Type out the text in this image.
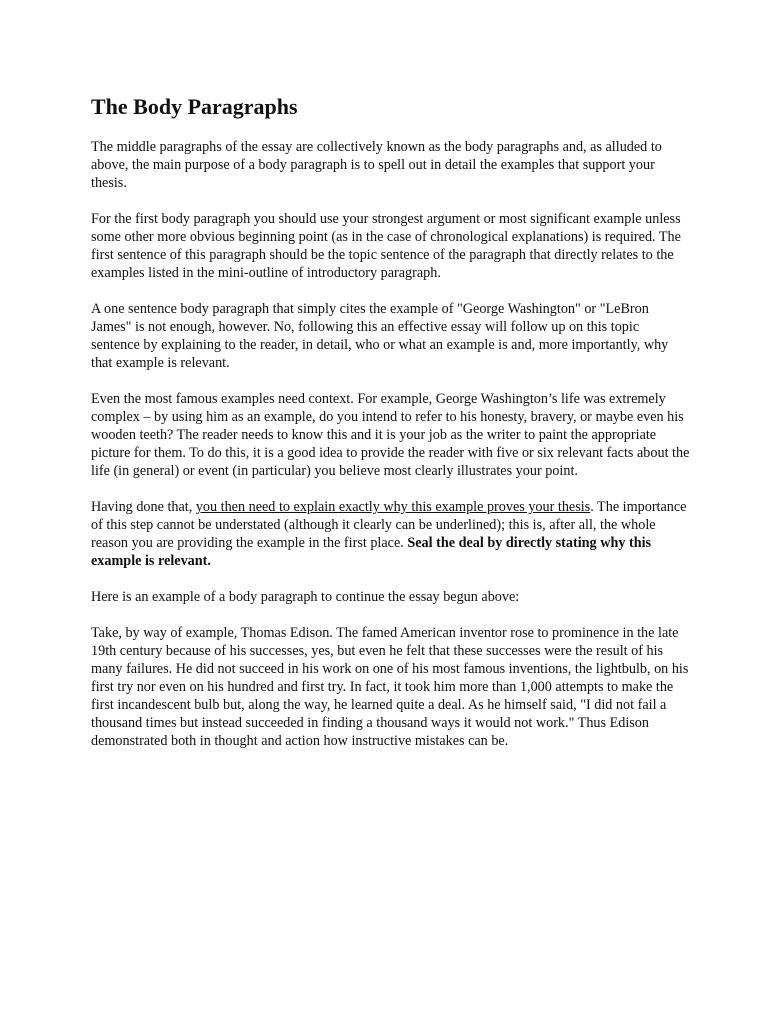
The Body Paragraphs

The middle paragraphs of the essay are collectively known as the body paragraphs and, as alluded to above, the main purpose of a body paragraph is to spell out in detail the examples that support your thesis.

For the first body paragraph you should use your strongest argument or most significant example unless some other more obvious beginning point (as in the case of chronological explanations) is required. The first sentence of this paragraph should be the topic sentence of the paragraph that directly relates to the examples listed in the mini-outline of introductory paragraph.

A one sentence body paragraph that simply cites the example of "George Washington" or "LeBron James" is not enough, however. No, following this an effective essay will follow up on this topic sentence by explaining to the reader, in detail, who or what an example is and, more importantly, why that example is relevant.

Even the most famous examples need context. For example, George Washington’s life was extremely complex – by using him as an example, do you intend to refer to his honesty, bravery, or maybe even his wooden teeth? The reader needs to know this and it is your job as the writer to paint the appropriate picture for them. To do this, it is a good idea to provide the reader with five or six relevant facts about the life (in general) or event (in particular) you believe most clearly illustrates your point.

Having done that, you then need to explain exactly why this example proves your thesis. The importance of this step cannot be understated (although it clearly can be underlined); this is, after all, the whole reason you are providing the example in the first place. Seal the deal by directly stating why this example is relevant.

Here is an example of a body paragraph to continue the essay begun above:

Take, by way of example, Thomas Edison. The famed American inventor rose to prominence in the late 19th century because of his successes, yes, but even he felt that these successes were the result of his many failures. He did not succeed in his work on one of his most famous inventions, the lightbulb, on his first try nor even on his hundred and first try. In fact, it took him more than 1,000 attempts to make the first incandescent bulb but, along the way, he learned quite a deal. As he himself said, "I did not fail a thousand times but instead succeeded in finding a thousand ways it would not work." Thus Edison demonstrated both in thought and action how instructive mistakes can be.
